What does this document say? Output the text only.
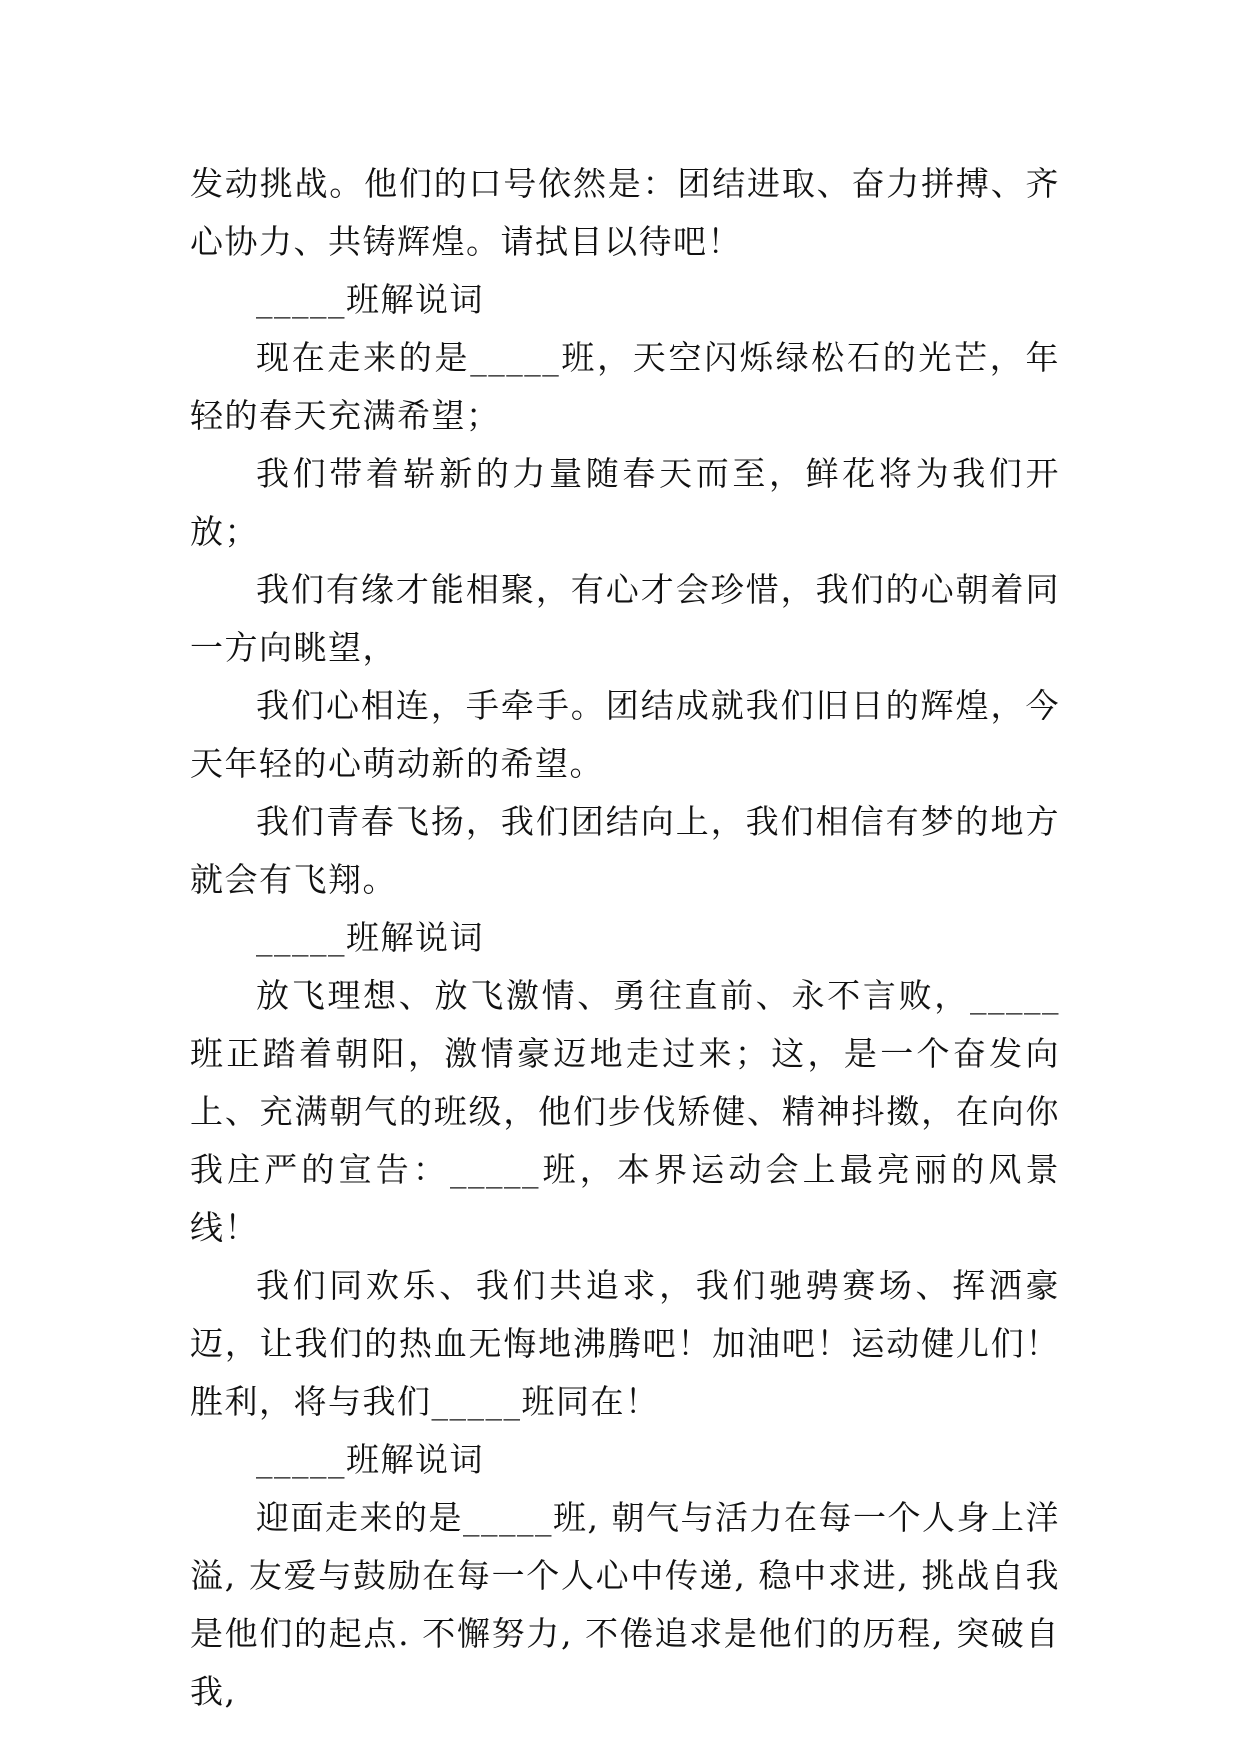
发动挑战。他们的口号依然是：团结进取、奋力拼搏、齐心协力、共铸辉煌。请拭目以待吧！

_____班解说词

现在走来的是_____班，天空闪烁绿松石的光芒，年轻的春天充满希望；

我们带着崭新的力量随春天而至，鲜花将为我们开放；

我们有缘才能相聚，有心才会珍惜，我们的心朝着同一方向眺望，

我们心相连，手牵手。团结成就我们旧日的辉煌，今天年轻的心萌动新的希望。

我们青春飞扬，我们团结向上，我们相信有梦的地方就会有飞翔。

_____班解说词

放飞理想、放飞激情、勇往直前、永不言败，_____班正踏着朝阳，激情豪迈地走过来；这，是一个奋发向上、充满朝气的班级，他们步伐矫健、精神抖擞，在向你我庄严的宣告：_____班，本界运动会上最亮丽的风景线！

我们同欢乐、我们共追求，我们驰骋赛场、挥洒豪迈，让我们的热血无悔地沸腾吧！加油吧！运动健儿们！胜利，将与我们_____班同在！

_____班解说词

迎面走来的是_____班, 朝气与活力在每一个人身上洋溢, 友爱与鼓励在每一个人心中传递, 稳中求进, 挑战自我是他们的起点. 不懈努力, 不倦追求是他们的历程, 突破自我,
